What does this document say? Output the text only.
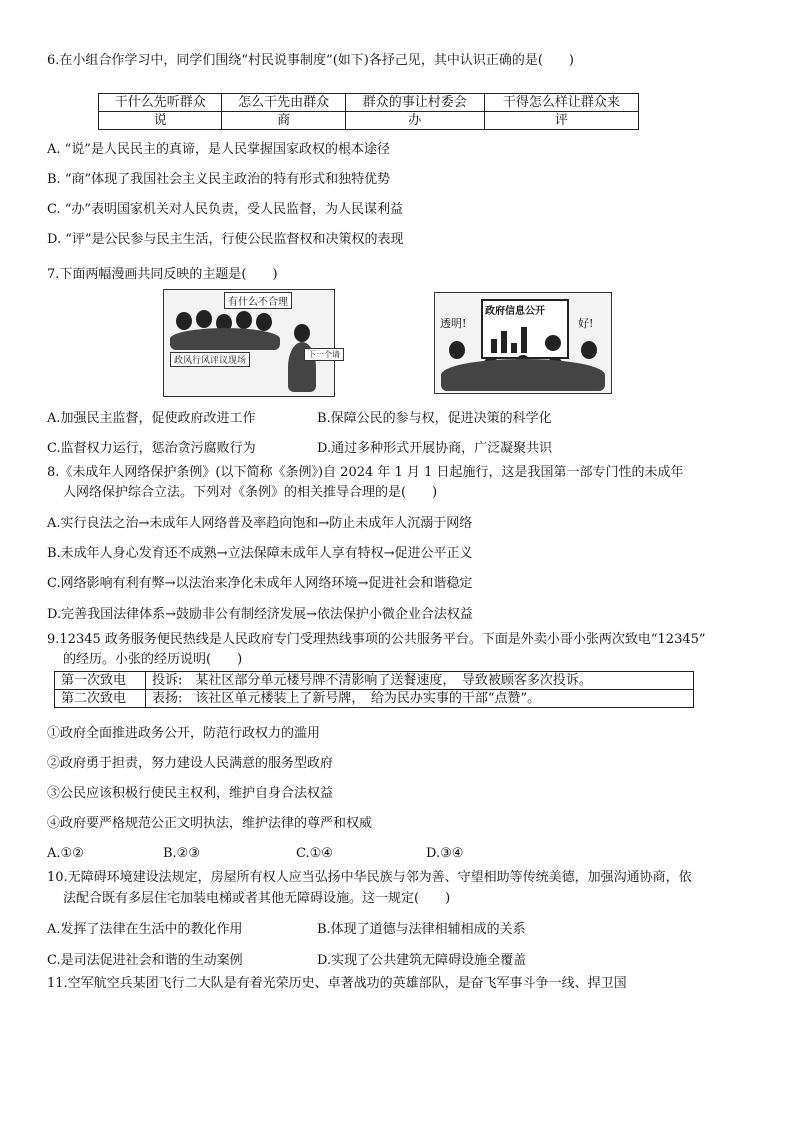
6.在小组合作学习中，同学们围绕“村民说事制度”(如下)各抒己见，其中认识正确的是(　　)
干什么先听群众	怎么干先由群众	群众的事让村委会	干得怎么样让群众来
说	商	办	评
A. “说”是人民民主的真谛，是人民掌握国家政权的根本途径
B. “商”体现了我国社会主义民主政治的特有形式和独特优势
C. “办”表明国家机关对人民负责，受人民监督，为人民谋利益
D. “评”是公民参与民主生活，行使公民监督权和决策权的表现
7.下面两幅漫画共同反映的主题是(　　)
有什么不合理
政风行风评议现场
下一个请
政府信息公开
透明!	好!
A.加强民主监督，促使政府改进工作	B.保障公民的参与权，促进决策的科学化
C.监督权力运行，惩治贪污腐败行为	D.通过多种形式开展协商，广泛凝聚共识
8.《未成年人网络保护条例》(以下简称《条例》)自 2024 年 1 月 1 日起施行，这是我国第一部专门性的未成年
人网络保护综合立法。下列对《条例》的相关推导合理的是(　　)
A.实行良法之治→未成年人网络普及率趋向饱和→防止未成年人沉溺于网络
B.未成年人身心发育还不成熟→立法保障未成年人享有特权→促进公平正义
C.网络影响有利有弊→以法治来净化未成年人网络环境→促进社会和谐稳定
D.完善我国法律体系→鼓励非公有制经济发展→依法保护小微企业合法权益
9.12345 政务服务便民热线是人民政府专门受理热线事项的公共服务平台。下面是外卖小哥小张两次致电“12345”
的经历。小张的经历说明(　　)
第一次致电	投诉:　某社区部分单元楼号牌不清影响了送餐速度，　导致被顾客多次投诉。
第二次致电	表扬:　该社区单元楼装上了新号牌，　给为民办实事的干部“点赞”。
①政府全面推进政务公开，防范行政权力的滥用
②政府勇于担责，努力建设人民满意的服务型政府
③公民应该积极行使民主权利，维护自身合法权益
④政府要严格规范公正文明执法，维护法律的尊严和权威
A.①②	B.②③	C.①④	D.③④
10.无障碍环境建设法规定，房屋所有权人应当弘扬中华民族与邻为善、守望相助等传统美德，加强沟通协商，依
法配合既有多层住宅加装电梯或者其他无障碍设施。这一规定(　　)
A.发挥了法律在生活中的教化作用	B.体现了道德与法律相辅相成的关系
C.是司法促进社会和谐的生动案例	D.实现了公共建筑无障碍设施全覆盖
11.空军航空兵某团飞行二大队是有着光荣历史、卓著战功的英雄部队，是奋飞军事斗争一线、捍卫国
